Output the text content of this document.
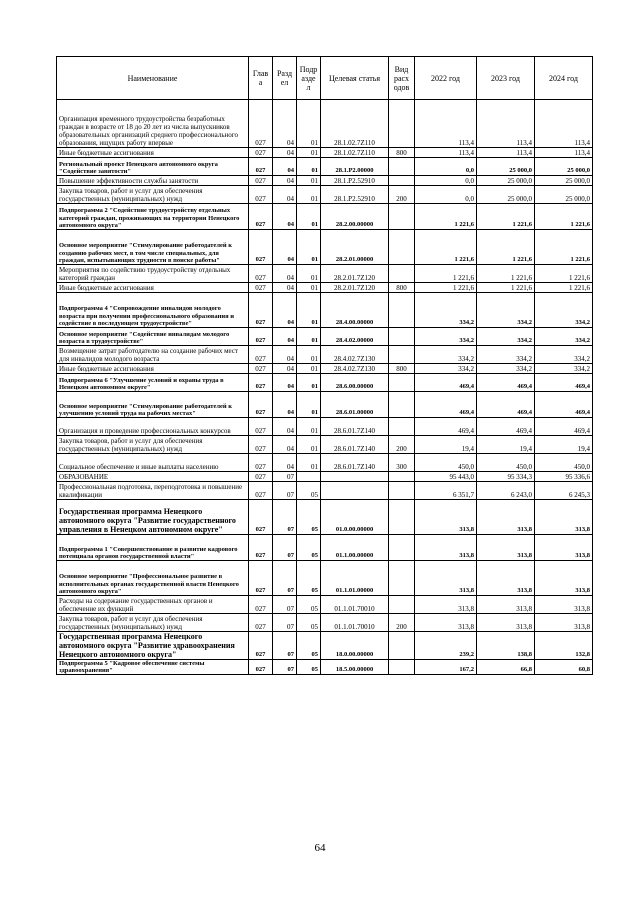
Наименование	Глав а	Разд ел	Подр азде л	Целевая статья	Вид расх одов	2022 год	2023 год	2024 год
Организация временного трудоустройства безработных граждан в возрасте от 18 до 20 лет из числа выпускников образовательных организаций среднего профессионального образования, ищущих работу впервые	027	04	01	28.1.02.7Z110		113,4	113,4	113,4
Иные бюджетные ассигнования	027	04	01	28.1.02.7Z110	800	113,4	113,4	113,4
Региональный проект Ненецкого автономного округа "Содействие занятости"	027	04	01	28.1.Р2.00000		0,0	25 000,0	25 000,0
Повышение эффективности службы занятости	027	04	01	28.1.Р2.52910		0,0	25 000,0	25 000,0
Закупка товаров, работ и услуг для обеспечения государственных (муниципальных) нужд	027	04	01	28.1.Р2.52910	200	0,0	25 000,0	25 000,0
Подпрограмма 2 "Содействие трудоустройству отдельных категорий граждан, проживающих на территории Ненецкого автономного округа"	027	04	01	28.2.00.00000		1 221,6	1 221,6	1 221,6
Основное мероприятие "Стимулирование работодателей к созданию рабочих мест, в том числе специальных, для граждан, испытывающих трудности в поиске работы"	027	04	01	28.2.01.00000		1 221,6	1 221,6	1 221,6
Мероприятия по содействию трудоустройству отдельных категорий граждан	027	04	01	28.2.01.7Z120		1 221,6	1 221,6	1 221,6
Иные бюджетные ассигнования	027	04	01	28.2.01.7Z120	800	1 221,6	1 221,6	1 221,6
Подпрограмма 4 "Сопровождение инвалидов молодого возраста при получении профессионального образования и содействие в последующем трудоустройстве"	027	04	01	28.4.00.00000		334,2	334,2	334,2
Основное мероприятие "Содействие инвалидам молодого возраста в трудоустройстве"	027	04	01	28.4.02.00000		334,2	334,2	334,2
Возмещение затрат работодателю на создание рабочих мест для инвалидов молодого возраста	027	04	01	28.4.02.7Z130		334,2	334,2	334,2
Иные бюджетные ассигнования	027	04	01	28.4.02.7Z130	800	334,2	334,2	334,2
Подпрограмма 6 "Улучшение условий и охраны труда в Ненецком автономном округе"	027	04	01	28.6.00.00000		469,4	469,4	469,4
Основное мероприятие "Стимулирование работодателей к улучшению условий труда на рабочих местах"	027	04	01	28.6.01.00000		469,4	469,4	469,4
Организация и проведение профессиональных конкурсов	027	04	01	28.6.01.7Z140		469,4	469,4	469,4
Закупка товаров, работ и услуг для обеспечения государственных (муниципальных) нужд	027	04	01	28.6.01.7Z140	200	19,4	19,4	19,4
Социальное обеспечение и иные выплаты населению	027	04	01	28.6.01.7Z140	300	450,0	450,0	450,0
ОБРАЗОВАНИЕ	027	07				95 443,0	95 334,3	95 336,6
Профессиональная подготовка, переподготовка и повышение квалификации	027	07	05			6 351,7	6 243,0	6 245,3
Государственная программа Ненецкого автономного округа "Развитие государственного управления в Ненецком автономном округе"	027	07	05	01.0.00.00000		313,8	313,8	313,8
Подпрограмма 1 "Совершенствование и развитие кадрового потенциала органов государственной власти"	027	07	05	01.1.00.00000		313,8	313,8	313,8
Основное мероприятие "Профессиональное развитие в исполнительных органах государственной власти Ненецкого автономного округа"	027	07	05	01.1.01.00000		313,8	313,8	313,8
Расходы на содержание государственных органов и обеспечение их функций	027	07	05	01.1.01.70010		313,8	313,8	313,8
Закупка товаров, работ и услуг для обеспечения государственных (муниципальных) нужд	027	07	05	01.1.01.70010	200	313,8	313,8	313,8
Государственная программа Ненецкого автономного округа "Развитие здравоохранения Ненецкого автономного округа"	027	07	05	18.0.00.00000		239,2	138,8	132,8
Подпрограмма 5 "Кадровое обеспечение системы здравоохранения"	027	07	05	18.5.00.00000		167,2	66,8	60,8
64
